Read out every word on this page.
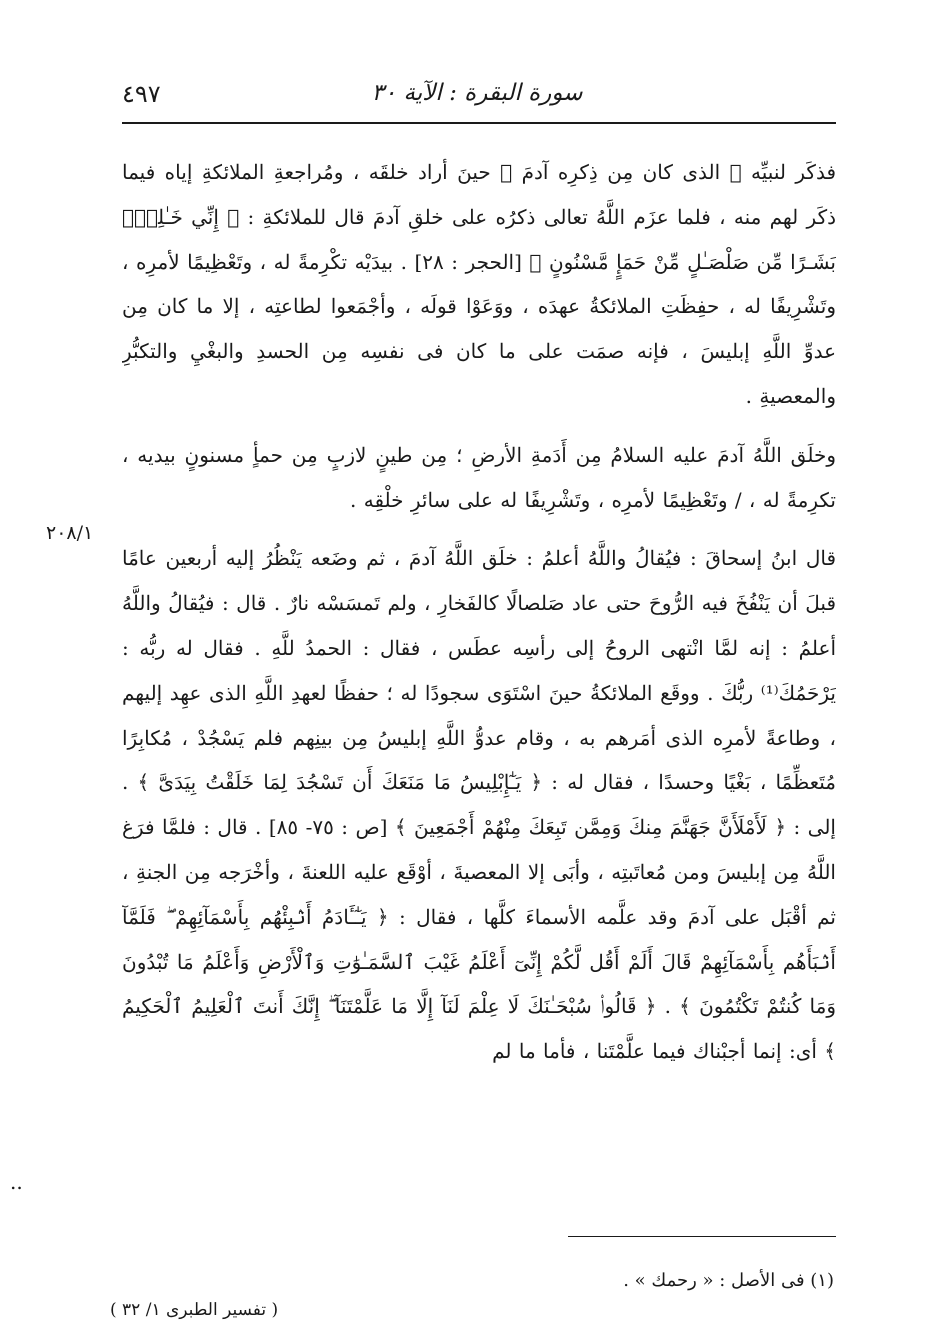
٤٩٧	سورة البقرة : الآية ٣٠

فذكَر لنبيِّه ﷺ الذى كان مِن ذِكرِه آدمَ ﷺ حينَ أراد خلقَه ، ومُراجعةِ الملائكةِ إياه فيما ذكَر لهم منه ، فلما عزَم اللَّهُ تعالى ذكرُه على خلقِ آدمَ قال للملائكةِ : ﴿ إِنِّي خَـٰلِقُۢ بَشَـرًا مِّن صَلْصَـٰلٍ مِّنْ حَمَإٍ مَّسْنُونٍ ﴾ [الحجر : ٢٨] . بيدَيْه تكْرِمةً له ، وتَعْظِيمًا لأمرِه ، وتَشْرِيفًا له ، حفِظَتِ الملائكةُ عهدَه ، ووَعَوْا قولَه ، وأجْمَعوا لطاعتِه ، إلا ما كان مِن عدوِّ اللَّهِ إبليسَ ، فإنه صمَت على ما كان فى نفسِه مِن الحسدِ والبغْيِ والتكبُّرِ والمعصيةِ .

وخلَق اللَّهُ آدمَ عليه السلامُ مِن أَدَمةِ الأرضِ ؛ مِن طينٍ لازبٍ مِن حمأٍ مسنونٍ بيديه ، تكرِمةً له ، / وتَعْظِيمًا لأمرِه ، وتَشْرِيفًا له على سائرِ خلْقِه .

قال ابنُ إسحاقَ : فيُقالُ واللَّهُ أعلمُ : خلَق اللَّهُ آدمَ ، ثم وضَعه يَنْظُرُ إليه أربعين عامًا قبلَ أن يَنْفُخَ فيه الرُّوحَ حتى عاد صَلصالًا كالفَخارِ ، ولم تَمسَسْه نارٌ . قال : فيُقالُ واللَّهُ أعلمُ : إنه لمَّا انْتهى الروحُ إلى رأسِه عطَس ، فقال : الحمدُ للَّهِ . فقال له ربُّه : يَرْحَمُكَ⁽¹⁾ ربُّكَ . ووقَع الملائكةُ حينَ اسْتَوَى سجودًا له ؛ حفظًا لعهدِ اللَّهِ الذى عهِد إليهم ، وطاعةً لأمرِه الذى أمَرهم به ، وقام عدوُّ اللَّهِ إبليسُ مِن بينِهم فلم يَسْجُدْ ، مُكابِرًا مُتَعظِّمًا ، بَغْيًا وحسدًا ، فقال له : ﴿ يَـٰٓإِبْلِيسُ مَا مَنَعَكَ أَن تَسْجُدَ لِمَا خَلَقْتُ بِيَدَىَّ ﴾ . إلى : ﴿ لَأَمْلَأَنَّ جَهَنَّمَ مِنكَ وَمِمَّن تَبِعَكَ مِنْهُمْ أَجْمَعِينَ ﴾ [ص : ٧٥- ٨٥] . قال : فلمَّا فرَغ اللَّهُ مِن إبليسَ ومن مُعاتَبتِه ، وأبَى إلا المعصيةَ ، أوْقَع عليه اللعنةَ ، وأخْرَجه مِن الجنةِ ، ثم أقْبَل على آدمَ وقد علَّمه الأسماءَ كلَّها ، فقال : ﴿ يَـٰٓـَٔادَمُ أَنۢبِئْهُم بِأَسْمَآئِهِمْ ۖ فَلَمَّآ أَنۢبَأَهُم بِأَسْمَآئِهِمْ قَالَ أَلَمْ أَقُل لَّكُمْ إِنِّىٓ أَعْلَمُ غَيْبَ ٱلسَّمَـٰوَٰتِ وَٱلْأَرْضِ وَأَعْلَمُ مَا تُبْدُونَ وَمَا كُنتُمْ تَكْتُمُونَ ﴾ . ﴿ قَالُوا۟ سُبْحَـٰنَكَ لَا عِلْمَ لَنَآ إِلَّا مَا عَلَّمْتَنَآ ۖ إِنَّكَ أَنتَ ٱلْعَلِيمُ ٱلْحَكِيمُ ﴾ أى: إنما أجبْناك فيما علَّمْتَنا ، فأما ما لم

٢٠٨/١
..
(١) فى الأصل : « رحمك » .
( تفسير الطبرى ١/ ٣٢ )
